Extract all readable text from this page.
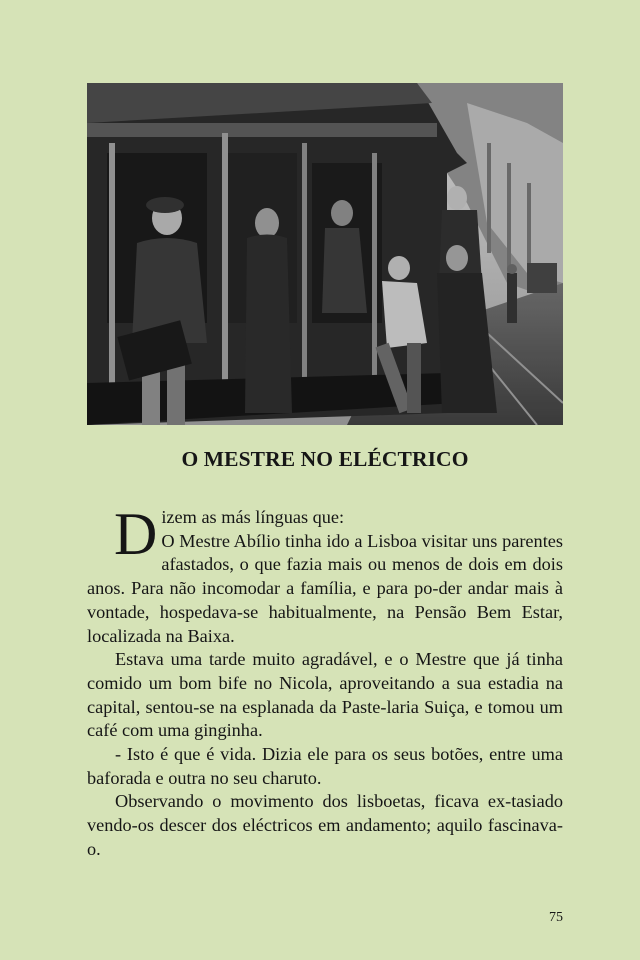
O MESTRE NO ELÉCTRICO

Dizem as más línguas que:
O Mestre Abílio tinha ido a Lisboa visitar uns parentes afastados, o que fazia mais ou menos de dois em dois anos. Para não incomodar a família, e para po-der andar mais à vontade, hospedava-se habitualmente, na Pensão Bem Estar, localizada na Baixa.

Estava uma tarde muito agradável, e o Mestre que já tinha comido um bom bife no Nicola, aproveitando a sua estadia na capital, sentou-se na esplanada da Paste-laria Suiça, e tomou um café com uma ginginha.

- Isto é que é vida. Dizia ele para os seus botões, entre uma baforada e outra no seu charuto.

Observando o movimento dos lisboetas, ficava ex-tasiado vendo-os descer dos eléctricos em andamento; aquilo fascinava-o.

75
